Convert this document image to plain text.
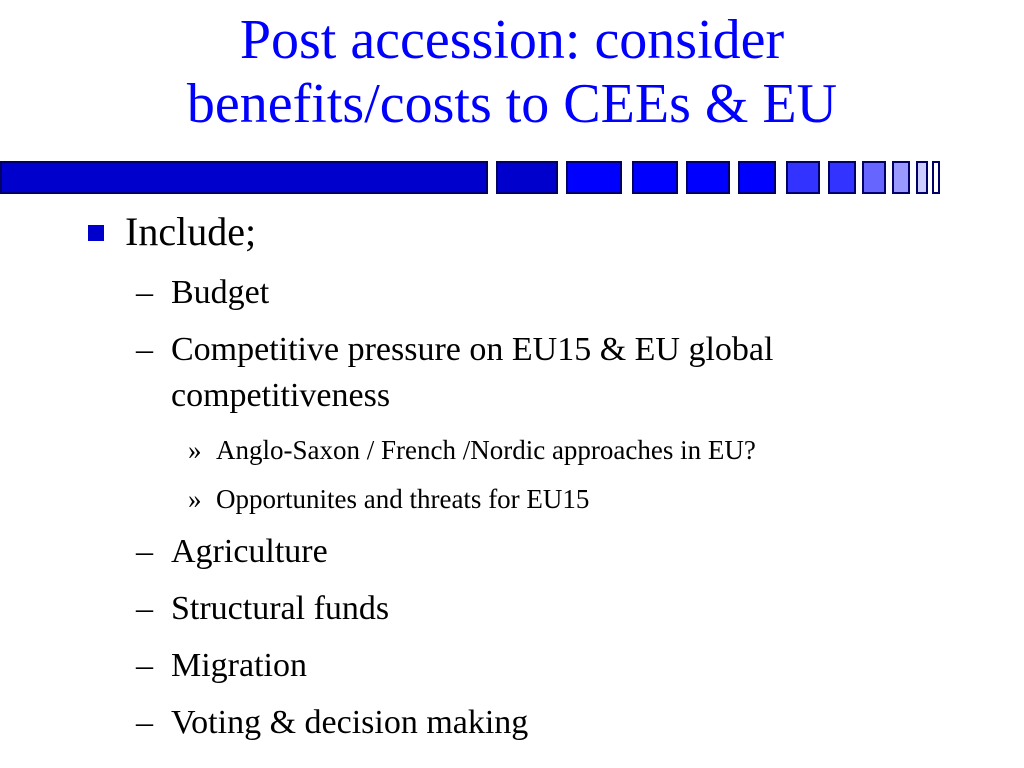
Post accession: consider
benefits/costs to CEEs & EU
Include;
– Budget
– Competitive pressure on EU15 & EU global
competitiveness
» Anglo-Saxon / French /Nordic approaches in EU?
» Opportunites and threats for EU15
– Agriculture
– Structural funds
– Migration
– Voting & decision making
